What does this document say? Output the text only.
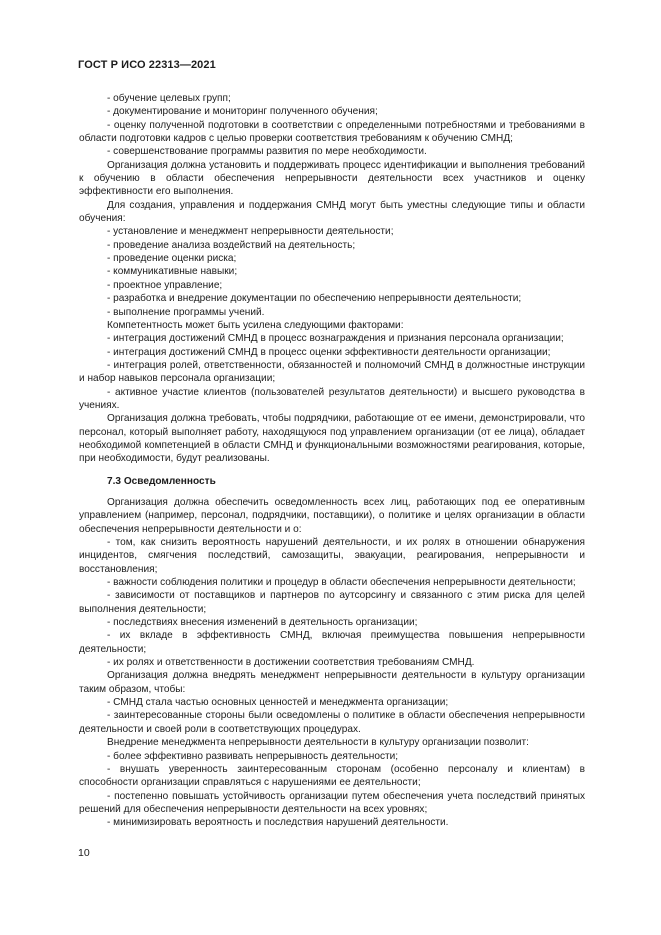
ГОСТ Р ИСО 22313—2021

- обучение целевых групп;

- документирование и мониторинг полученного обучения;

- оценку полученной подготовки в соответствии с определенными потребностями и требованиями в области подготовки кадров с целью проверки соответствия требованиям к обучению СМНД;

- совершенствование программы развития по мере необходимости.

Организация должна установить и поддерживать процесс идентификации и выполнения требований к обучению в области обеспечения непрерывности деятельности всех участников и оценку эффективности его выполнения.

Для создания, управления и поддержания СМНД могут быть уместны следующие типы и области обучения:

- установление и менеджмент непрерывности деятельности;

- проведение анализа воздействий на деятельность;

- проведение оценки риска;

- коммуникативные навыки;

- проектное управление;

- разработка и внедрение документации по обеспечению непрерывности деятельности;

- выполнение программы учений.

Компетентность может быть усилена следующими факторами:

- интеграция достижений СМНД в процесс вознаграждения и признания персонала организации;

- интеграция достижений СМНД в процесс оценки эффективности деятельности организации;

- интеграция ролей, ответственности, обязанностей и полномочий СМНД в должностные инструкции и набор навыков персонала организации;

- активное участие клиентов (пользователей результатов деятельности) и высшего руководства в учениях.

Организация должна требовать, чтобы подрядчики, работающие от ее имени, демонстрировали, что персонал, который выполняет работу, находящуюся под управлением организации (от ее лица), обладает необходимой компетенцией в области СМНД и функциональными возможностями реагирования, которые, при необходимости, будут реализованы.

7.3 Осведомленность

Организация должна обеспечить осведомленность всех лиц, работающих под ее оперативным управлением (например, персонал, подрядчики, поставщики), о политике и целях организации в области обеспечения непрерывности деятельности и о:

- том, как снизить вероятность нарушений деятельности, и их ролях в отношении обнаружения инцидентов, смягчения последствий, самозащиты, эвакуации, реагирования, непрерывности и восстановления;

- важности соблюдения политики и процедур в области обеспечения непрерывности деятельности;

- зависимости от поставщиков и партнеров по аутсорсингу и связанного с этим риска для целей выполнения деятельности;

- последствиях внесения изменений в деятельность организации;

- их вкладе в эффективность СМНД, включая преимущества повышения непрерывности деятельности;

- их ролях и ответственности в достижении соответствия требованиям СМНД.

Организация должна внедрять менеджмент непрерывности деятельности в культуру организации таким образом, чтобы:

- СМНД стала частью основных ценностей и менеджмента организации;

- заинтересованные стороны были осведомлены о политике в области обеспечения непрерывности деятельности и своей роли в соответствующих процедурах.

Внедрение менеджмента непрерывности деятельности в культуру организации позволит:

- более эффективно развивать непрерывность деятельности;

- внушать уверенность заинтересованным сторонам (особенно персоналу и клиентам) в способности организации справляться с нарушениями ее деятельности;

- постепенно повышать устойчивость организации путем обеспечения учета последствий принятых решений для обеспечения непрерывности деятельности на всех уровнях;

- минимизировать вероятность и последствия нарушений деятельности.

10
